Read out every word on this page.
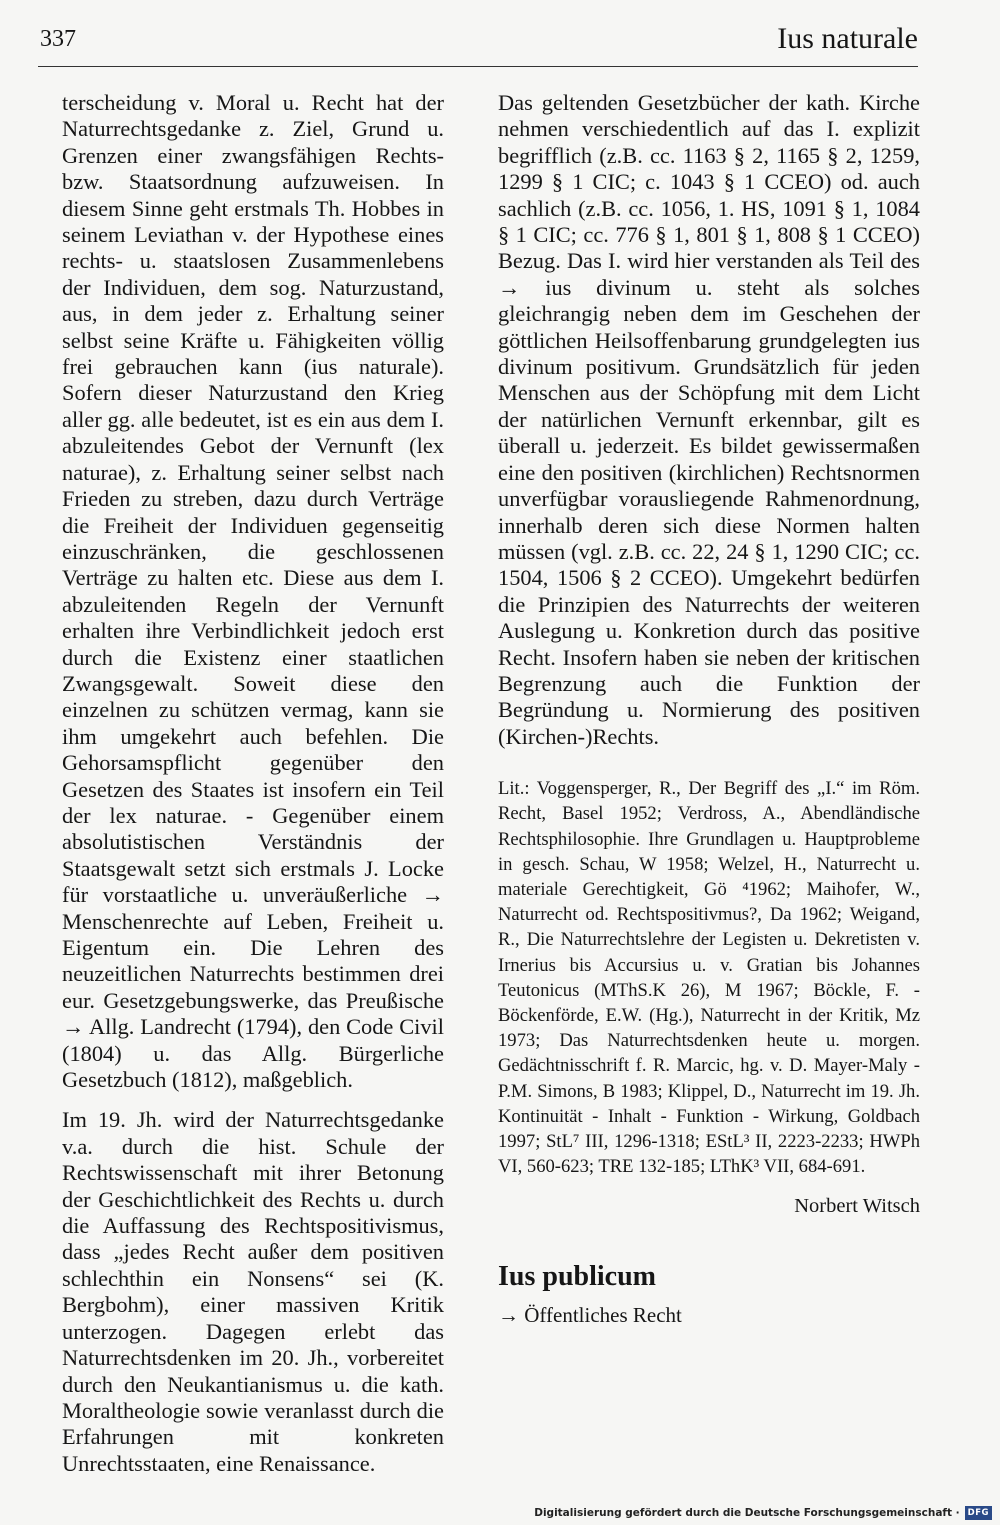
337	Ius naturale

terscheidung v. Moral u. Recht hat der Naturrechtsgedanke z. Ziel, Grund u. Grenzen einer zwangsfähigen Rechts- bzw. Staatsordnung aufzuweisen. In diesem Sinne geht erstmals Th. Hobbes in seinem Leviathan v. der Hypothese eines rechts- u. staatslosen Zusammenlebens der Individuen, dem sog. Naturzustand, aus, in dem jeder z. Erhaltung seiner selbst seine Kräfte u. Fähigkeiten völlig frei gebrauchen kann (ius naturale). Sofern dieser Naturzustand den Krieg aller gg. alle bedeutet, ist es ein aus dem I. abzuleitendes Gebot der Vernunft (lex naturae), z. Erhaltung seiner selbst nach Frieden zu streben, dazu durch Verträge die Freiheit der Individuen gegenseitig einzuschränken, die geschlossenen Verträge zu halten etc. Diese aus dem I. abzuleitenden Regeln der Vernunft erhalten ihre Verbindlichkeit jedoch erst durch die Existenz einer staatlichen Zwangsgewalt. Soweit diese den einzelnen zu schützen vermag, kann sie ihm umgekehrt auch befehlen. Die Gehorsamspflicht gegenüber den Gesetzen des Staates ist insofern ein Teil der lex naturae. - Gegenüber einem absolutistischen Verständnis der Staatsgewalt setzt sich erstmals J. Locke für vorstaatliche u. unveräußerliche → Menschenrechte auf Leben, Freiheit u. Eigentum ein. Die Lehren des neuzeitlichen Naturrechts bestimmen drei eur. Gesetzgebungswerke, das Preußische → Allg. Landrecht (1794), den Code Civil (1804) u. das Allg. Bürgerliche Gesetzbuch (1812), maßgeblich.

Im 19. Jh. wird der Naturrechtsgedanke v.a. durch die hist. Schule der Rechtswissenschaft mit ihrer Betonung der Geschichtlichkeit des Rechts u. durch die Auffassung des Rechtspositivismus, dass „jedes Recht außer dem positiven schlechthin ein Nonsens“ sei (K. Bergbohm), einer massiven Kritik unterzogen. Dagegen erlebt das Naturrechtsdenken im 20. Jh., vorbereitet durch den Neukantianismus u. die kath. Moraltheologie sowie veranlasst durch die Erfahrungen mit konkreten Unrechtsstaaten, eine Renaissance.

Das geltenden Gesetzbücher der kath. Kirche nehmen verschiedentlich auf das I. explizit begrifflich (z.B. cc. 1163 § 2, 1165 § 2, 1259, 1299 § 1 CIC; c. 1043 § 1 CCEO) od. auch sachlich (z.B. cc. 1056, 1. HS, 1091 § 1, 1084 § 1 CIC; cc. 776 § 1, 801 § 1, 808 § 1 CCEO) Bezug. Das I. wird hier verstanden als Teil des → ius divinum u. steht als solches gleichrangig neben dem im Geschehen der göttlichen Heilsoffenbarung grundgelegten ius divinum positivum. Grundsätzlich für jeden Menschen aus der Schöpfung mit dem Licht der natürlichen Vernunft erkennbar, gilt es überall u. jederzeit. Es bildet gewissermaßen eine den positiven (kirchlichen) Rechtsnormen unverfügbar vorausliegende Rahmenordnung, innerhalb deren sich diese Normen halten müssen (vgl. z.B. cc. 22, 24 § 1, 1290 CIC; cc. 1504, 1506 § 2 CCEO). Umgekehrt bedürfen die Prinzipien des Naturrechts der weiteren Auslegung u. Konkretion durch das positive Recht. Insofern haben sie neben der kritischen Begrenzung auch die Funktion der Begründung u. Normierung des positiven (Kirchen-)Rechts.

Lit.: Voggensperger, R., Der Begriff des „I.“ im Röm. Recht, Basel 1952; Verdross, A., Abendländische Rechtsphilosophie. Ihre Grundlagen u. Hauptprobleme in gesch. Schau, W 1958; Welzel, H., Naturrecht u. materiale Gerechtigkeit, Gö ⁴1962; Maihofer, W., Naturrecht od. Rechtspositivmus?, Da 1962; Weigand, R., Die Naturrechtslehre der Legisten u. Dekretisten v. Irnerius bis Accursius u. v. Gratian bis Johannes Teutonicus (MThS.K 26), M 1967; Böckle, F. - Böckenförde, E.W. (Hg.), Naturrecht in der Kritik, Mz 1973; Das Naturrechtsdenken heute u. morgen. Gedächtnisschrift f. R. Marcic, hg. v. D. Mayer-Maly - P.M. Simons, B 1983; Klippel, D., Naturrecht im 19. Jh. Kontinuität - Inhalt - Funktion - Wirkung, Goldbach 1997; StL⁷ III, 1296-1318; EStL³ II, 2223-2233; HWPh VI, 560-623; TRE 132-185; LThK³ VII, 684-691.
Norbert Witsch
Ius publicum
→ Öffentliches Recht
Digitalisierung gefördert durch die Deutsche Forschungsgemeinschaft · DFG
